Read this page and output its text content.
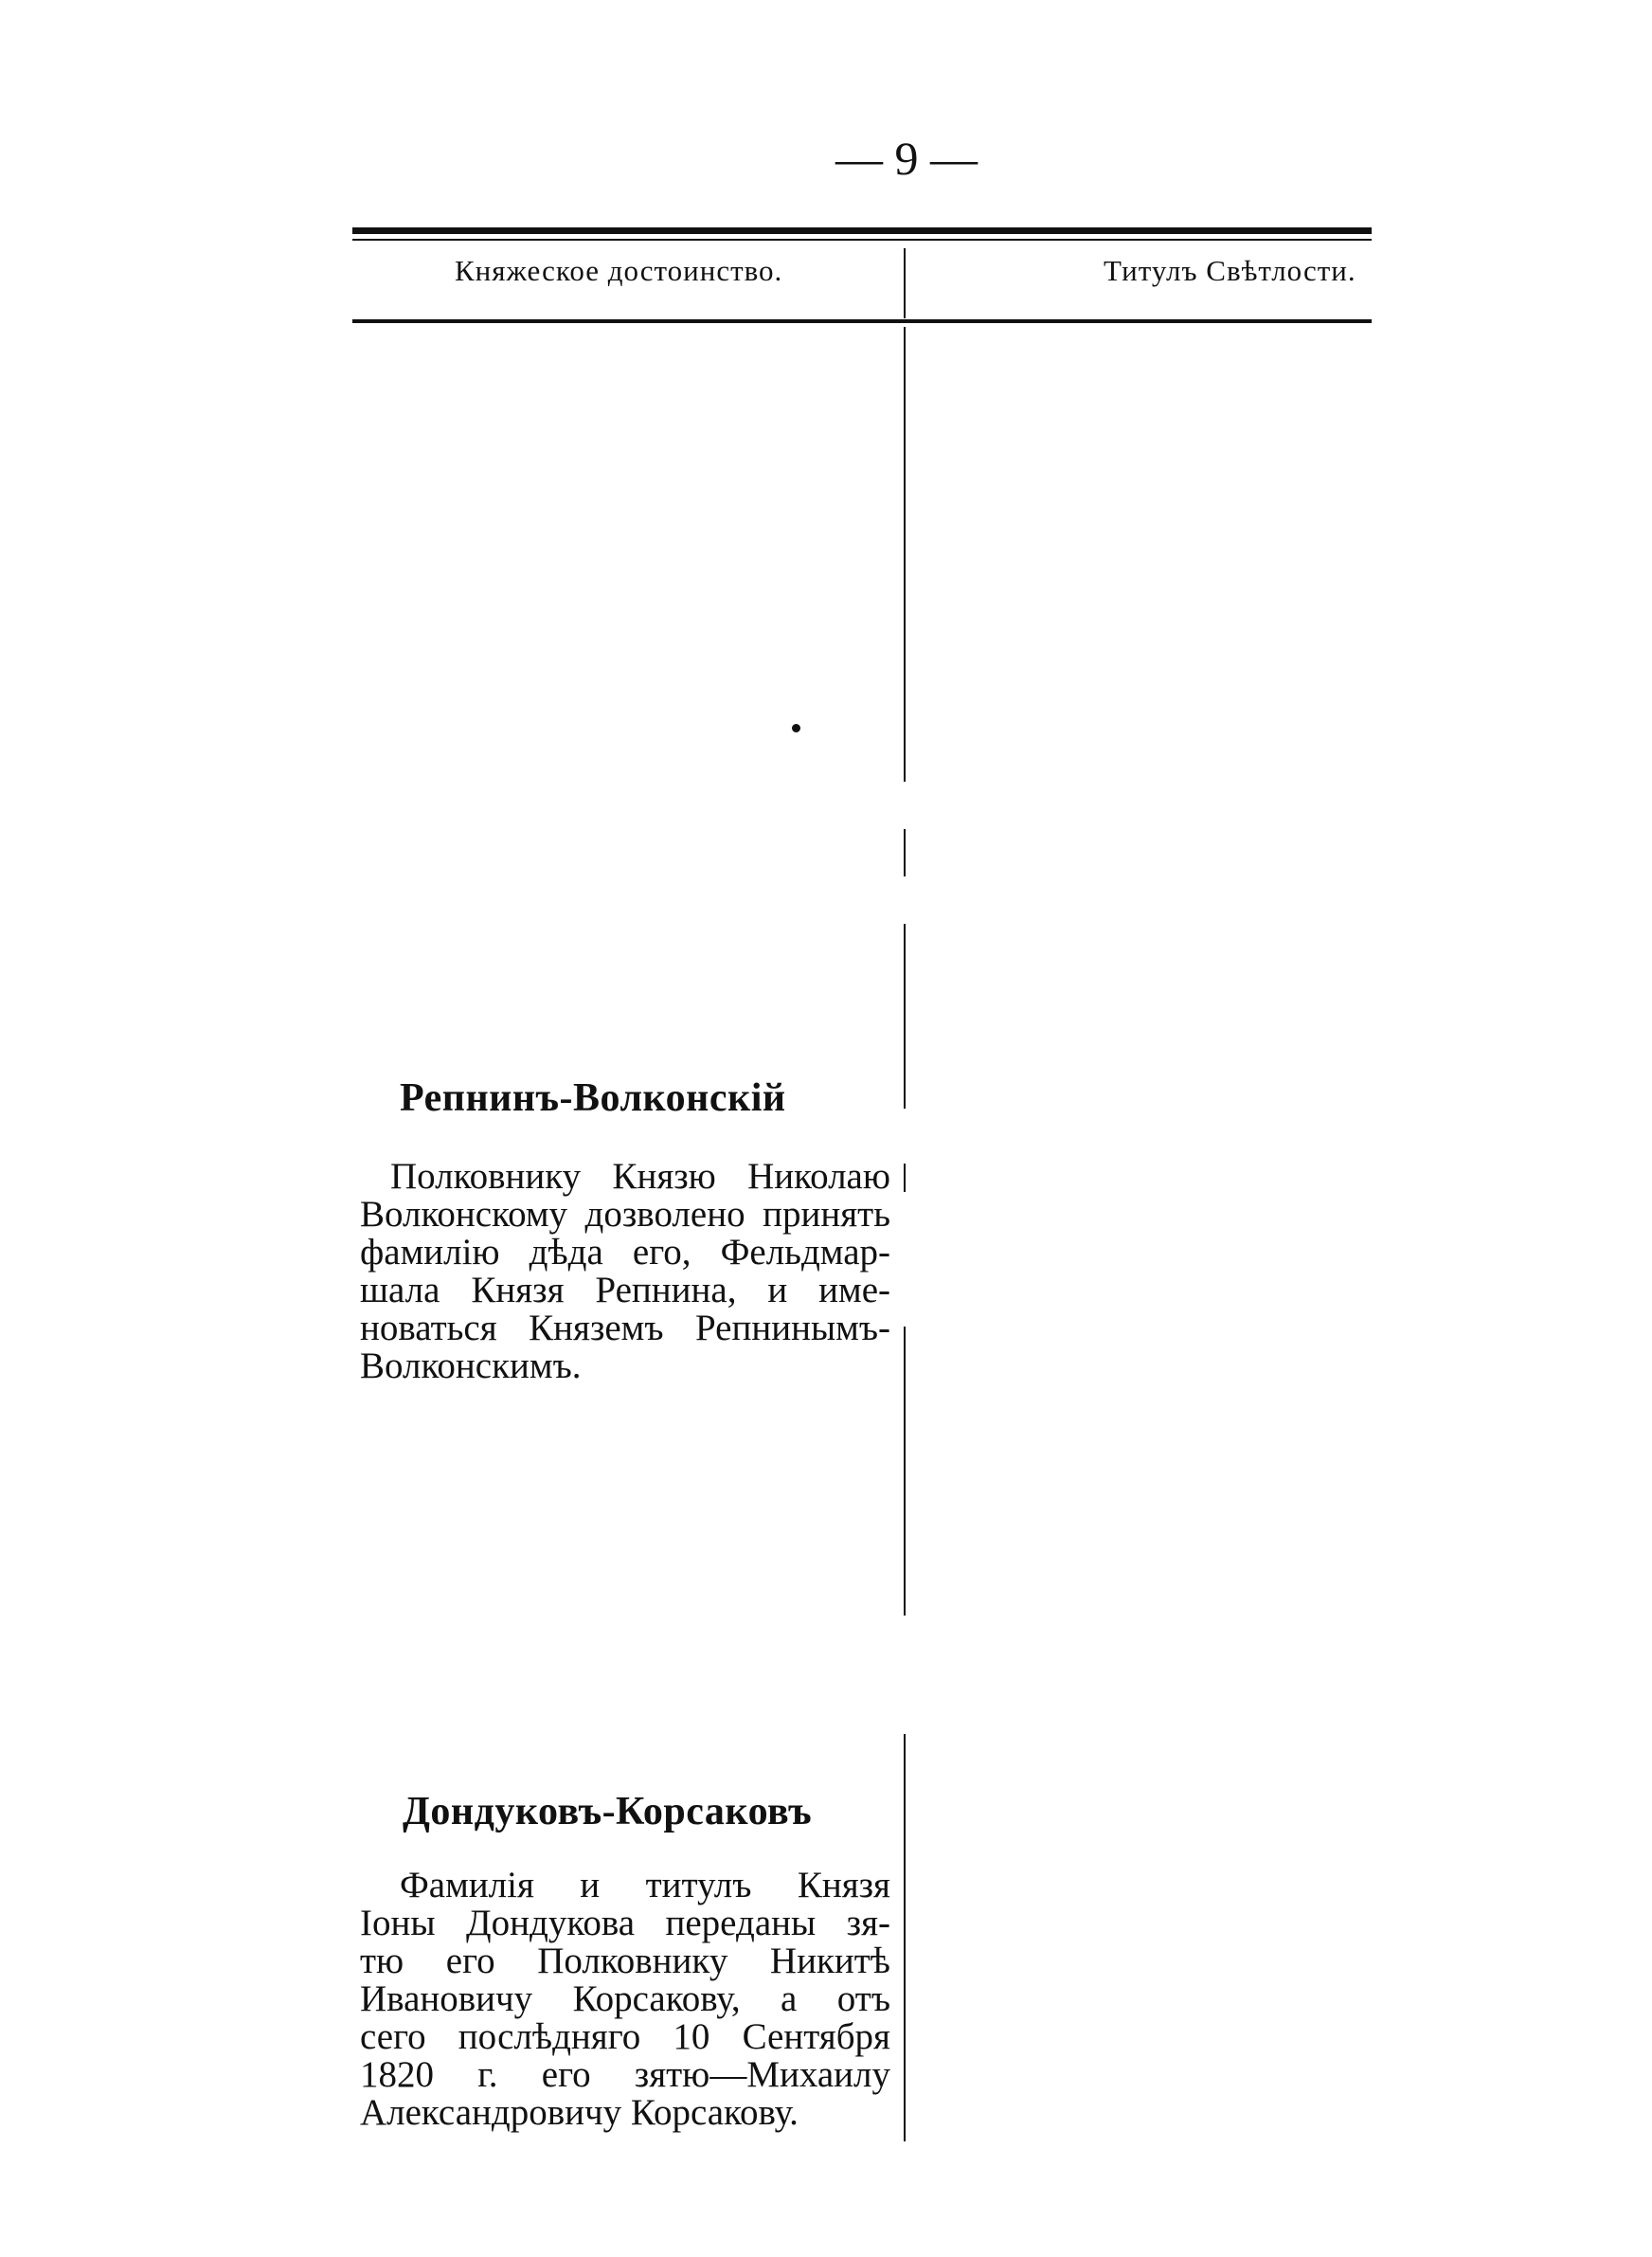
— 9 —
Княжеское достоинство.	Титулъ Свѣтлости.
Репнинъ-Волконскій
Полковнику Князю Николаю
Волконскому дозволено принять
фамилію дѣда его, Фельдмар-
шала Князя Репнина, и име-
новаться Княземъ Репнинымъ-
Волконскимъ.
Дондуковъ-Корсаковъ
Фамилія и титулъ Князя
Іоны Дондукова переданы зя-
тю его Полковнику Никитѣ
Ивановичу Корсакову, а отъ
сего послѣдняго 10 Сентября
1820 г. его зятю—Михаилу
Александровичу Корсакову.
